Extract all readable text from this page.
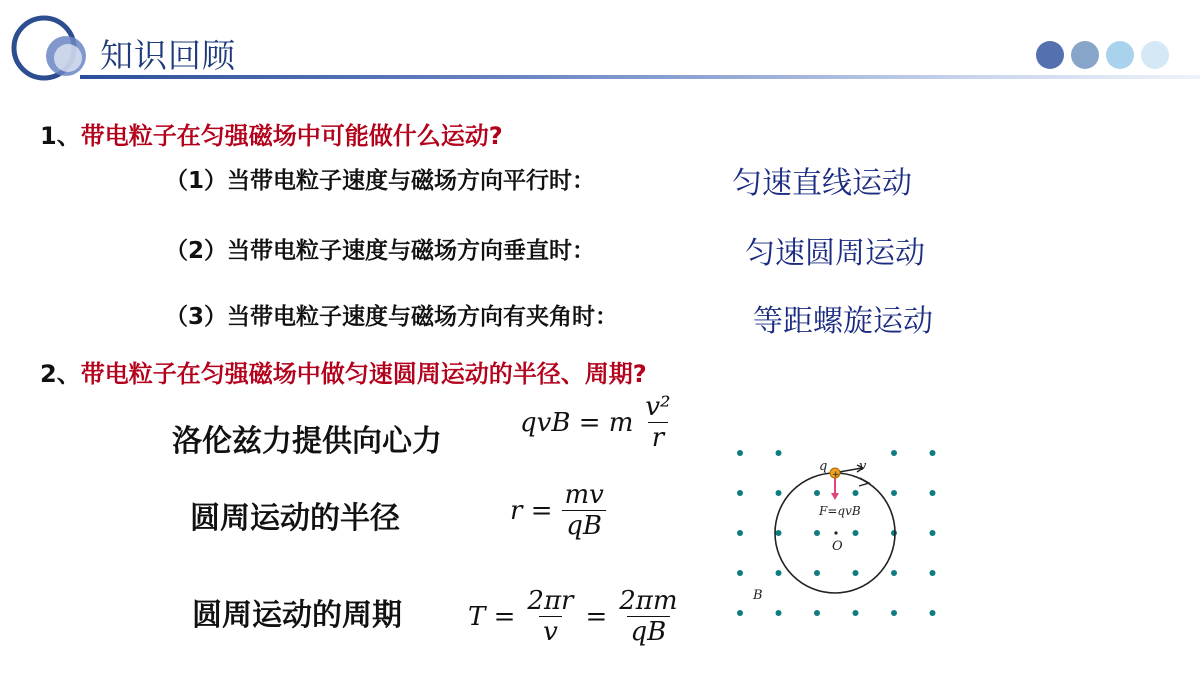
知识回顾
1、带电粒子在匀强磁场中可能做什么运动?
（1）当带电粒子速度与磁场方向平行时：	匀速直线运动
（2）当带电粒子速度与磁场方向垂直时：	匀速圆周运动
（3）当带电粒子速度与磁场方向有夹角时：	等距螺旋运动
2、带电粒子在匀强磁场中做匀速圆周运动的半径、周期?
洛伦兹力提供向心力
qvB = m $\frac{\text{v²}}{r}$
圆周运动的半径	$r = \frac{mv}{qB}$
圆周运动的周期	$T = \frac{2\pi r}{v} = \frac{2\pi m}{qB}$
+
q v
F=qvB
O
B
